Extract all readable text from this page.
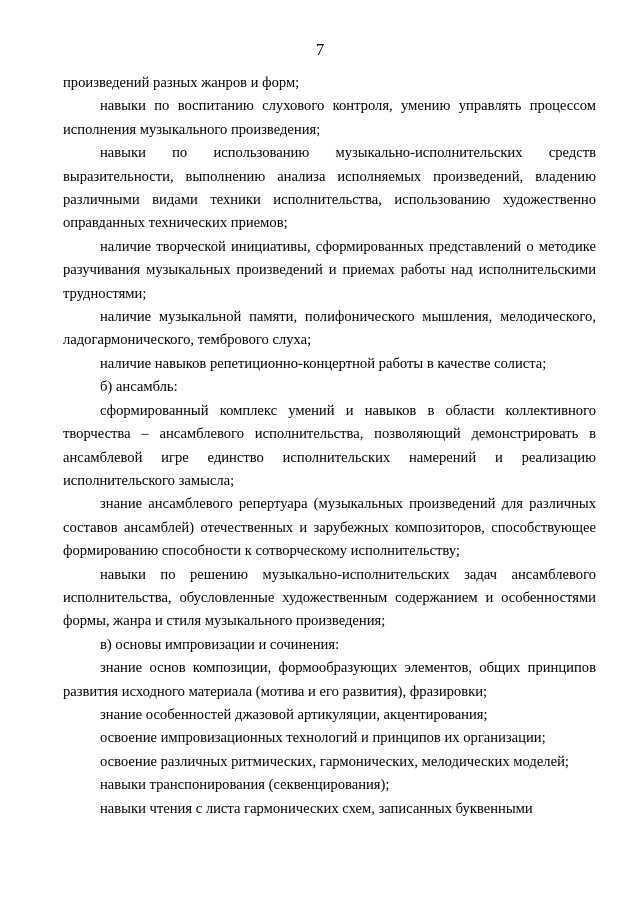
7

произведений разных жанров и форм;

навыки по воспитанию слухового контроля, умению управлять процессом исполнения музыкального произведения;

навыки по использованию музыкально-исполнительских средств выразительности, выполнению анализа исполняемых произведений, владению различными видами техники исполнительства, использованию художественно оправданных технических приемов;

наличие творческой инициативы, сформированных представлений о методике разучивания музыкальных произведений и приемах работы над исполнительскими трудностями;

наличие музыкальной памяти, полифонического мышления, мелодического, ладогармонического, тембрового слуха;

наличие навыков репетиционно-концертной работы в качестве солиста;

б) ансамбль:

сформированный комплекс умений и навыков в области коллективного творчества – ансамблевого исполнительства, позволяющий демонстрировать в ансамблевой игре единство исполнительских намерений и реализацию исполнительского замысла;

знание ансамблевого репертуара (музыкальных произведений для различных составов ансамблей) отечественных и зарубежных композиторов, способствующее формированию способности к сотворческому исполнительству;

навыки по решению музыкально-исполнительских задач ансамблевого исполнительства, обусловленные художественным содержанием и особенностями формы, жанра и стиля музыкального произведения;

в) основы импровизации и сочинения:

знание основ композиции, формообразующих элементов, общих принципов развития исходного материала (мотива и его развития), фразировки;

знание особенностей джазовой артикуляции, акцентирования;

освоение импровизационных технологий и принципов их организации;

освоение различных ритмических, гармонических, мелодических моделей;

навыки транспонирования (секвенцирования);

навыки чтения с листа гармонических схем, записанных буквенными
